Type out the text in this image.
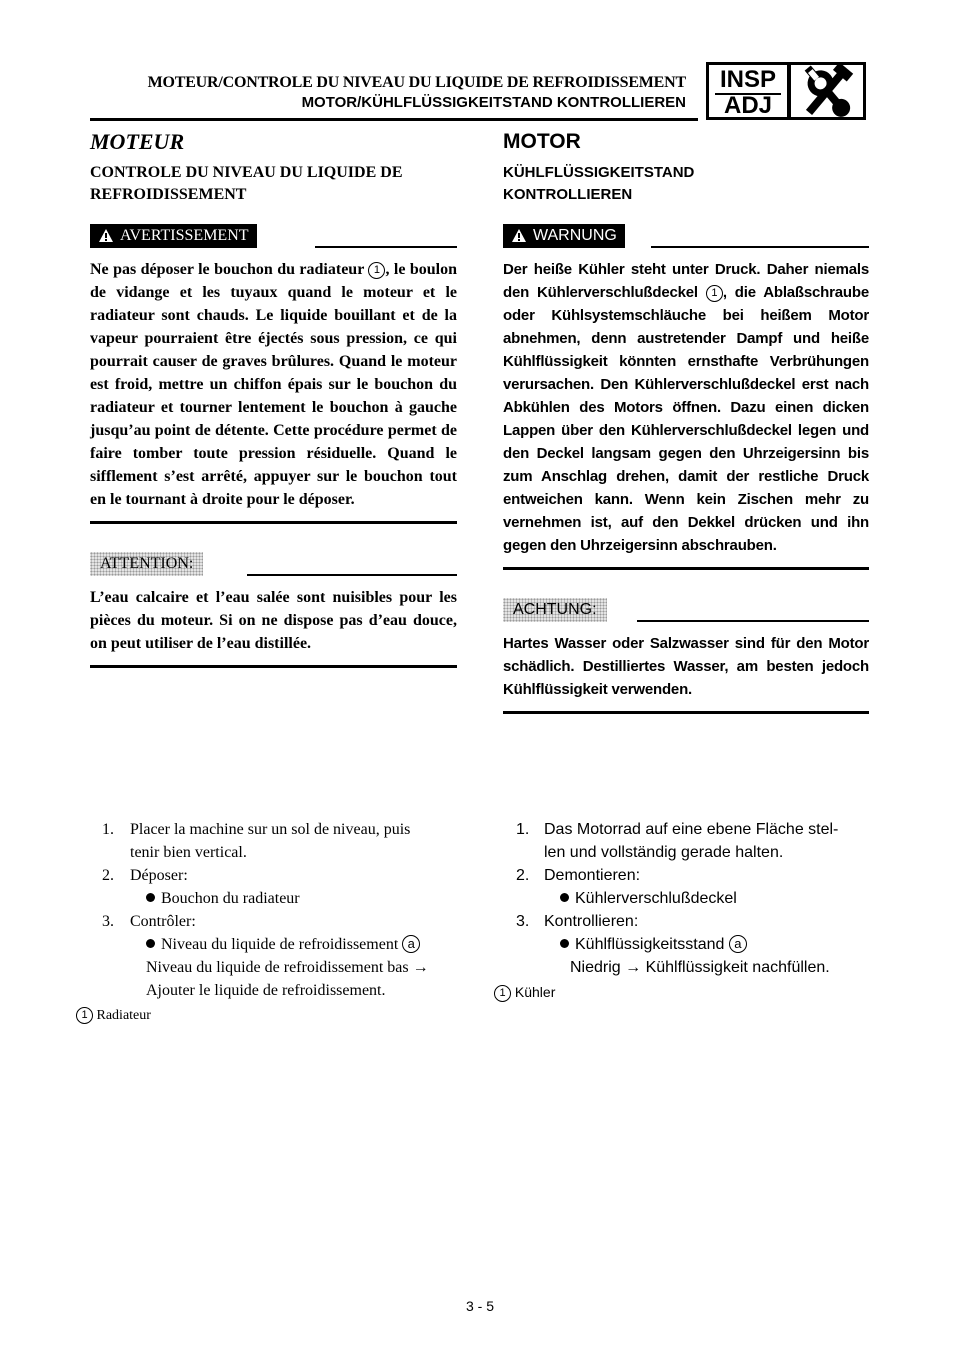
MOTEUR/CONTROLE DU NIVEAU DU LIQUIDE DE REFROIDISSEMENT
MOTOR/KÜHLFLÜSSIGKEITSTAND KONTROLLIEREN
INSP
ADJ
MOTEUR
CONTROLE DU NIVEAU DU LIQUIDE DE
REFROIDISSEMENT
AVERTISSEMENT

Ne pas déposer le bouchon du radiateur 1 , le boulon de vidange et les tuyaux quand le moteur et le radiateur sont chauds. Le liquide bouillant et de la vapeur pourraient être éjectés sous pression, ce qui pourrait causer de graves brûlures. Quand le moteur est froid, mettre un chiffon épais sur le bouchon du radiateur et tourner lentement le bouchon à gauche jusqu’au point de détente. Cette procédure permet de faire tomber toute pression résiduelle. Quand le sifflement s’est arrêté, appuyer sur le bouchon tout en le tournant à droite pour le déposer.

ATTENTION:

L’eau calcaire et l’eau salée sont nuisibles pour les pièces du moteur. Si on ne dispose pas d’eau douce, on peut utiliser de l’eau distillée.

MOTOR
KÜHLFLÜSSIGKEITSTAND
KONTROLLIEREN
WARNUNG

Der heiße Kühler steht unter Druck. Daher niemals den Kühlerverschlußdeckel 1 , die Ablaßschraube oder Kühlsystemschläuche bei heißem Motor abnehmen, denn austretender Dampf und heiße Kühlflüssigkeit könnten ernsthafte Verbrühungen verursachen. Den Kühlerverschlußdeckel erst nach Abkühlen des Motors öffnen. Dazu einen dicken Lappen über den Kühlerverschlußdeckel legen und den Deckel langsam gegen den Uhrzeigersinn bis zum Anschlag drehen, damit der restliche Druck entweichen kann. Wenn kein Zischen mehr zu vernehmen ist, auf den Dekkel drücken und ihn gegen den Uhrzeigersinn abschrauben.

ACHTUNG:

Hartes Wasser oder Salzwasser sind für den Motor schädlich. Destilliertes Wasser, am besten jedoch Kühlflüssigkeit verwenden.

1. Placer la machine sur un sol de niveau, puis
tenir bien vertical.
2. Déposer:
Bouchon du radiateur
3. Contrôler:
Niveau du liquide de refroidissement a
Niveau du liquide de refroidissement bas →
Ajouter le liquide de refroidissement.
1 Radiateur
1. Das Motorrad auf eine ebene Fläche stel-
len und vollständig gerade halten.
2. Demontieren:
Kühlerverschlußdeckel
3. Kontrollieren:
Kühlflüssigkeitsstand a
Niedrig → Kühlflüssigkeit nachfüllen.
1 Kühler
3 - 5
